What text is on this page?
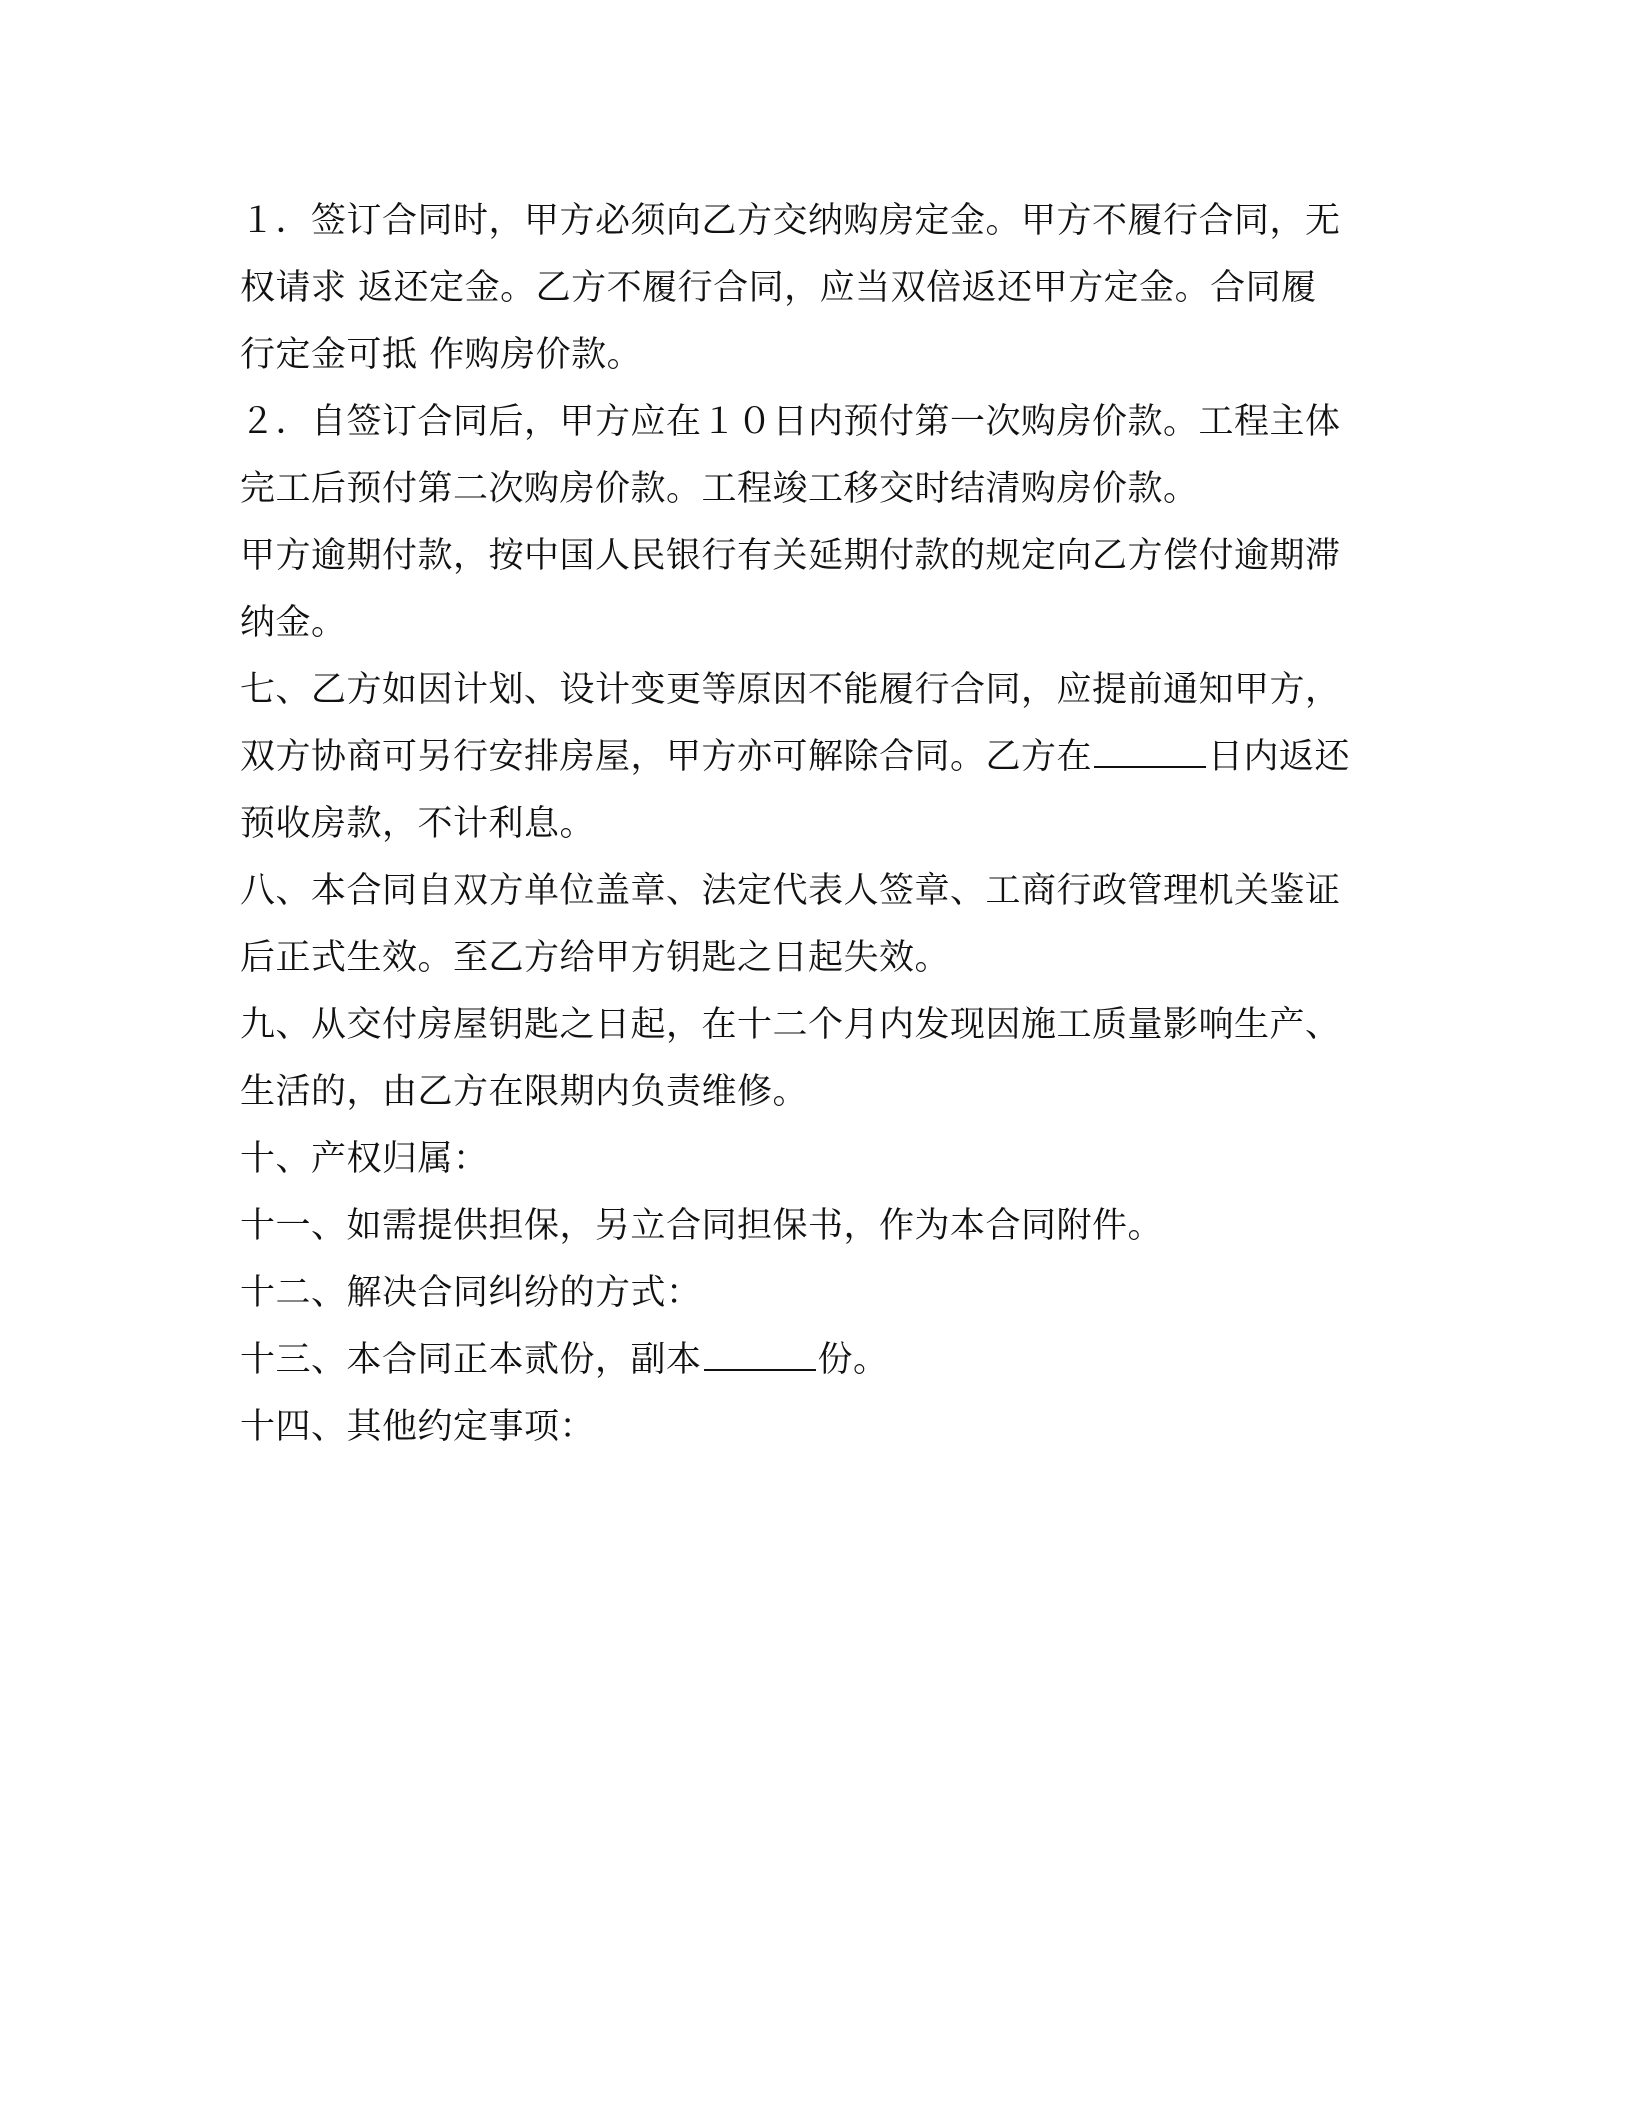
１．签订合同时，甲方必须向乙方交纳购房定金。甲方不履行合同，无
权请求 返还定金。乙方不履行合同，应当双倍返还甲方定金。合同履
行定金可抵 作购房价款。
２．自签订合同后，甲方应在１０日内预付第一次购房价款。工程主体
完工后预付第二次购房价款。工程竣工移交时结清购房价款。
甲方逾期付款，按中国人民银行有关延期付款的规定向乙方偿付逾期滞
纳金。
七、乙方如因计划、设计变更等原因不能履行合同，应提前通知甲方，
双方协商可另行安排房屋，甲方亦可解除合同。乙方在	日内返还
预收房款，不计利息。
八、本合同自双方单位盖章、法定代表人签章、工商行政管理机关鉴证
后正式生效。至乙方给甲方钥匙之日起失效。
九、从交付房屋钥匙之日起，在十二个月内发现因施工质量影响生产、
生活的，由乙方在限期内负责维修。
十、产权归属：
十一、如需提供担保，另立合同担保书，作为本合同附件。
十二、解决合同纠纷的方式：
十三、本合同正本贰份，副本	份。
十四、其他约定事项：
